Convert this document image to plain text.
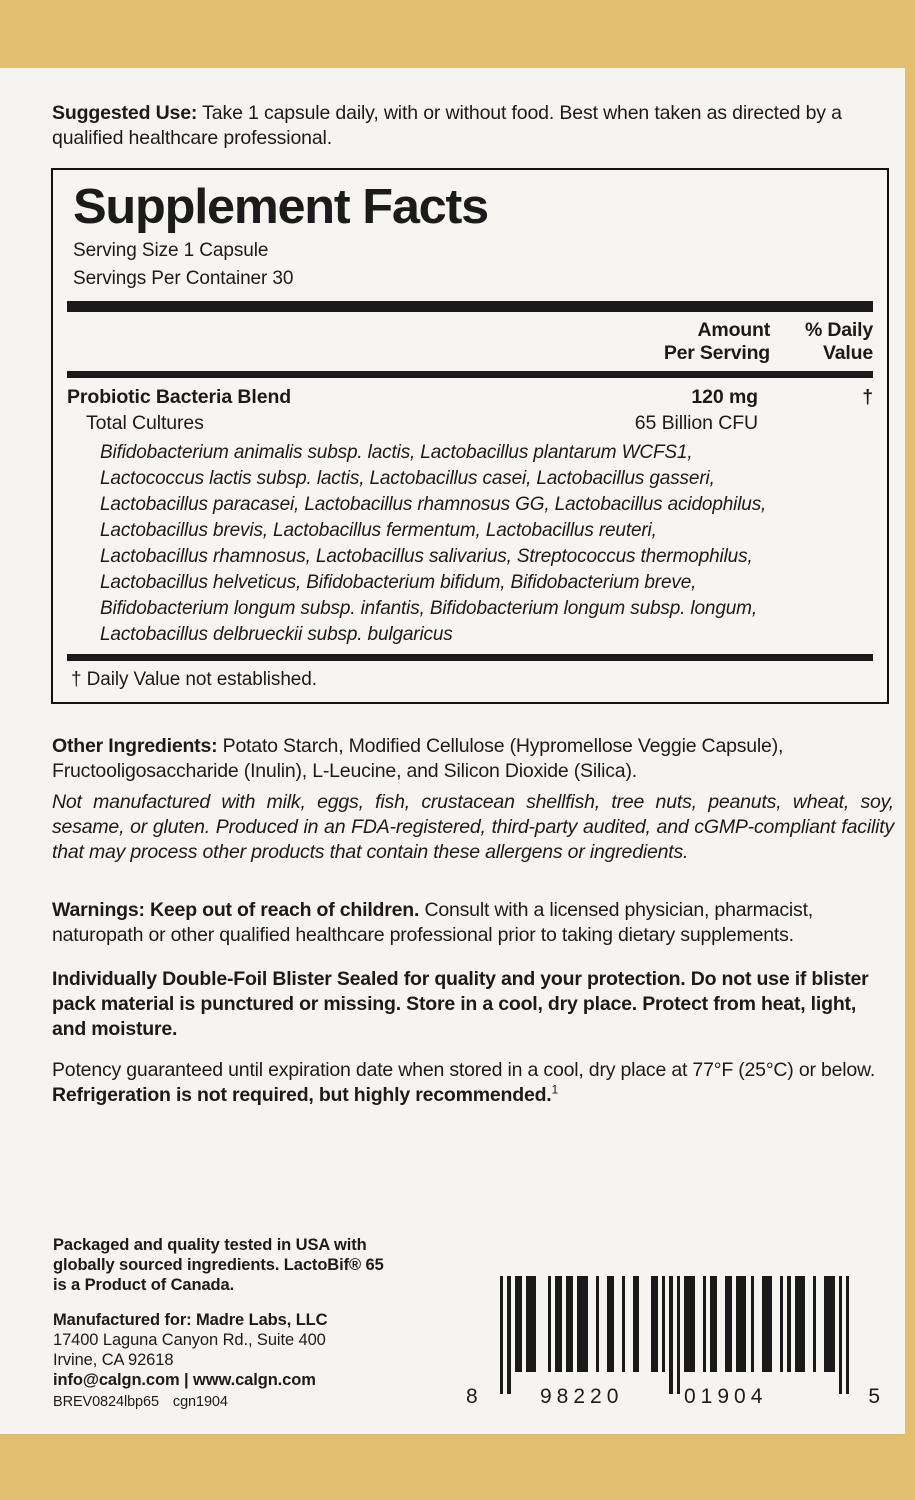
Suggested Use: Take 1 capsule daily, with or without food. Best when taken as directed by a qualified healthcare professional.
Supplement Facts
Serving Size 1 Capsule
Servings Per Container 30
Amount
Per Serving
% Daily
Value
Probiotic Bacteria Blend	120 mg	†
Total Cultures	65 Billion CFU
Bifidobacterium animalis subsp. lactis, Lactobacillus plantarum WCFS1,
Lactococcus lactis subsp. lactis, Lactobacillus casei, Lactobacillus gasseri,
Lactobacillus paracasei, Lactobacillus rhamnosus GG, Lactobacillus acidophilus,
Lactobacillus brevis, Lactobacillus fermentum, Lactobacillus reuteri,
Lactobacillus rhamnosus, Lactobacillus salivarius, Streptococcus thermophilus,
Lactobacillus helveticus, Bifidobacterium bifidum, Bifidobacterium breve,
Bifidobacterium longum subsp. infantis, Bifidobacterium longum subsp. longum,
Lactobacillus delbrueckii subsp. bulgaricus
† Daily Value not established.
Other Ingredients: Potato Starch, Modified Cellulose (Hypromellose Veggie Capsule), Fructooligosaccharide (Inulin), L-Leucine, and Silicon Dioxide (Silica).
Not manufactured with milk, eggs, fish, crustacean shellfish, tree nuts, peanuts, wheat, soy, sesame, or gluten. Produced in an FDA-registered, third-party audited, and cGMP-compliant facility that may process other products that contain these allergens or ingredients.
Warnings: Keep out of reach of children. Consult with a licensed physician, pharmacist, naturopath or other qualified healthcare professional prior to taking dietary supplements.
Individually Double-Foil Blister Sealed for quality and your protection. Do not use if blister pack material is punctured or missing. Store in a cool, dry place. Protect from heat, light, and moisture.
Potency guaranteed until expiration date when stored in a cool, dry place at 77°F (25°C) or below. Refrigeration is not required, but highly recommended.$^1$
Packaged and quality tested in USA with
globally sourced ingredients. LactoBif® 65
is a Product of Canada.
Manufactured for: Madre Labs, LLC
17400 Laguna Canyon Rd., Suite 400
Irvine, CA 92618
info@calgn.com | www.calgn.com
BREV0824lbp65 cgn1904	8	98220	01904	5
